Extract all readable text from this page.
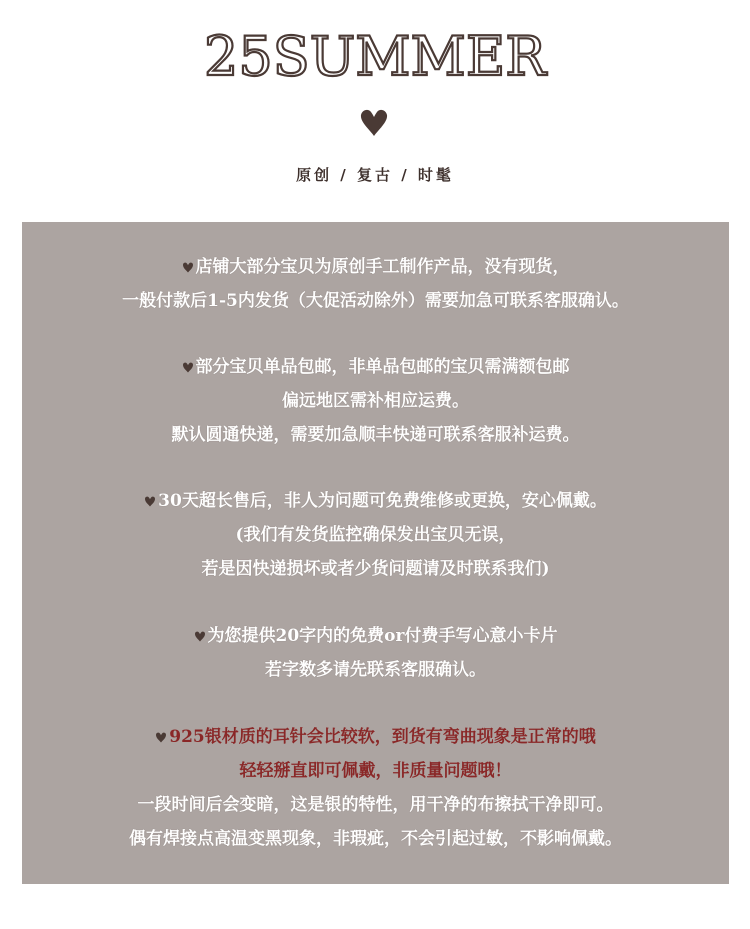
25SUMMER
原创 / 复古 / 时髦
店铺大部分宝贝为原创手工制作产品，没有现货，
一般付款后1-5内发货（大促活动除外）需要加急可联系客服确认。
部分宝贝单品包邮，非单品包邮的宝贝需满额包邮
偏远地区需补相应运费。
默认圆通快递，需要加急顺丰快递可联系客服补运费。
30天超长售后，非人为问题可免费维修或更换，安心佩戴。
(我们有发货监控确保发出宝贝无误，
若是因快递损坏或者少货问题请及时联系我们)
为您提供20字内的免费or付费手写心意小卡片
若字数多请先联系客服确认。
925银材质的耳针会比较软，到货有弯曲现象是正常的哦
轻轻掰直即可佩戴，非质量问题哦！
一段时间后会变暗，这是银的特性，用干净的布擦拭干净即可。
偶有焊接点高温变黑现象，非瑕疵，不会引起过敏，不影响佩戴。
